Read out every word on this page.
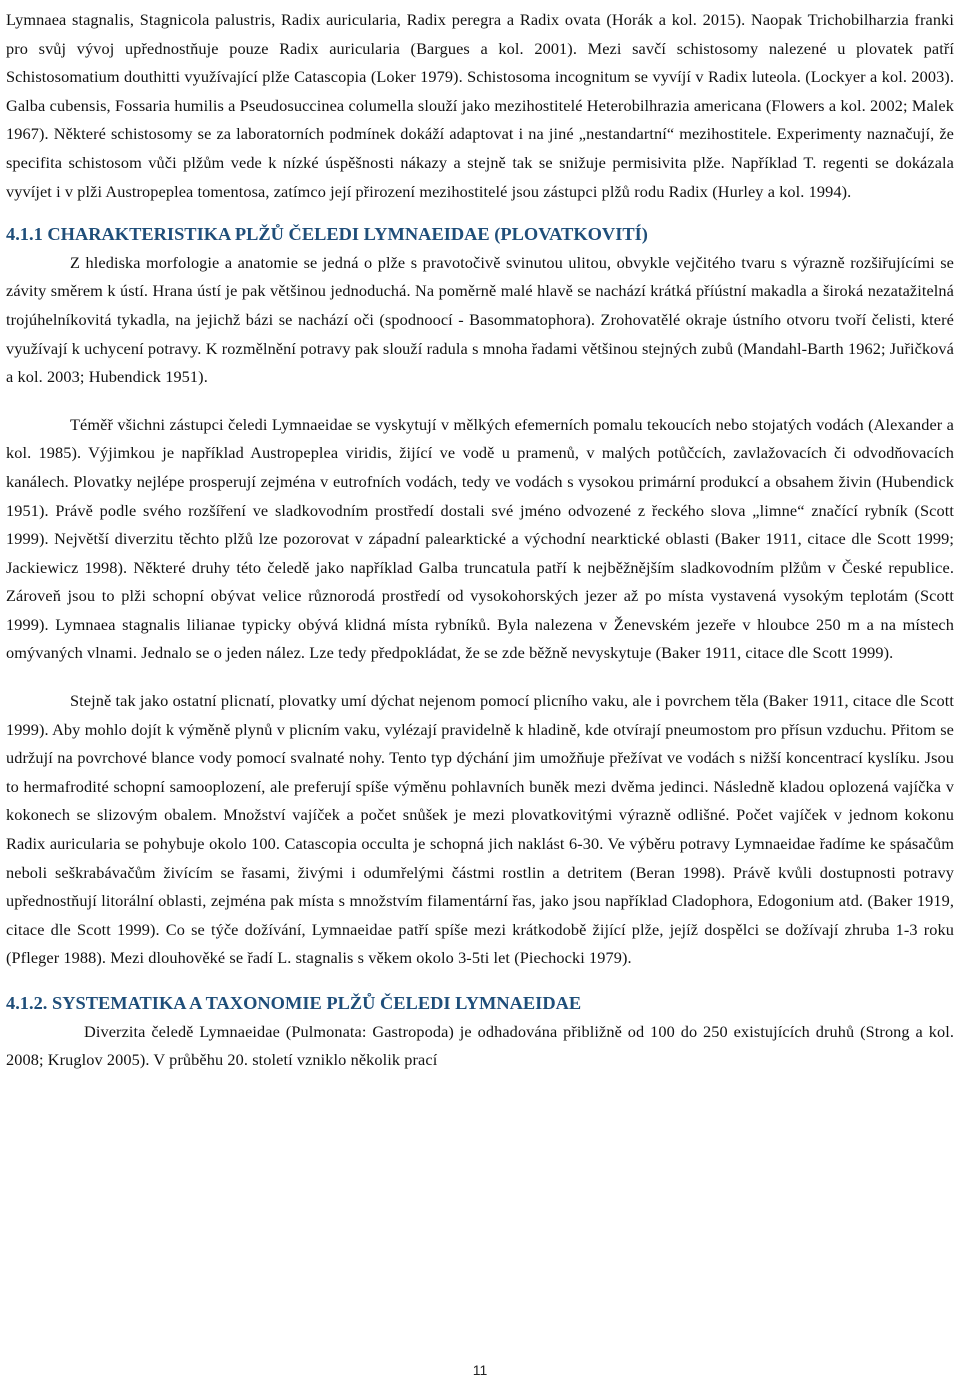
Lymnaea stagnalis, Stagnicola palustris, Radix auricularia, Radix peregra a Radix ovata (Horák a kol. 2015). Naopak Trichobilharzia franki pro svůj vývoj upřednostňuje pouze Radix auricularia (Bargues a kol. 2001). Mezi savčí schistosomy nalezené u plovatek patří Schistosomatium douthitti využívající plže Catascopia (Loker 1979). Schistosoma incognitum se vyvíjí v Radix luteola. (Lockyer a kol. 2003). Galba cubensis, Fossaria humilis a Pseudosuccinea columella slouží jako mezihostitelé Heterobilhrazia americana (Flowers a kol. 2002; Malek 1967). Některé schistosomy se za laboratorních podmínek dokáží adaptovat i na jiné „nestandartní“ mezihostitele. Experimenty naznačují, že specifita schistosom vůči plžům vede k nízké úspěšnosti nákazy a stejně tak se snižuje permisivita plže. Například T. regenti se dokázala vyvíjet i v plži Austropeplea tomentosa, zatímco její přirození mezihostitelé jsou zástupci plžů rodu Radix (Hurley a kol. 1994).

4.1.1 CHARAKTERISTIKA PLŽŮ ČELEDI LYMNAEIDAE (PLOVATKOVITÍ)

Z hlediska morfologie a anatomie se jedná o plže s pravotočivě svinutou ulitou, obvykle vejčitého tvaru s výrazně rozšiřujícími se závity směrem k ústí. Hrana ústí je pak většinou jednoduchá. Na poměrně malé hlavě se nachází krátká příústní makadla a široká nezatažitelná trojúhelníkovitá tykadla, na jejichž bázi se nachází oči (spodnoocí - Basommatophora). Zrohovatělé okraje ústního otvoru tvoří čelisti, které využívají k uchycení potravy. K rozmělnění potravy pak slouží radula s mnoha řadami většinou stejných zubů (Mandahl-Barth 1962; Juřičková a kol. 2003; Hubendick 1951).

Téměř všichni zástupci čeledi Lymnaeidae se vyskytují v mělkých efemerních pomalu tekoucích nebo stojatých vodách (Alexander a kol. 1985). Výjimkou je například Austropeplea viridis, žijící ve vodě u pramenů, v malých potůčcích, zavlažovacích či odvodňovacích kanálech. Plovatky nejlépe prosperují zejména v eutrofních vodách, tedy ve vodách s vysokou primární produkcí a obsahem živin (Hubendick 1951). Právě podle svého rozšíření ve sladkovodním prostředí dostali své jméno odvozené z řeckého slova „limne“ značící rybník (Scott 1999). Největší diverzitu těchto plžů lze pozorovat v západní palearktické a východní nearktické oblasti (Baker 1911, citace dle Scott 1999; Jackiewicz 1998). Některé druhy této čeledě jako například Galba truncatula patří k nejběžnějším sladkovodním plžům v České republice. Zároveň jsou to plži schopní obývat velice různorodá prostředí od vysokohorských jezer až po místa vystavená vysokým teplotám (Scott 1999). Lymnaea stagnalis lilianae typicky obývá klidná místa rybníků. Byla nalezena v Ženevském jezeře v hloubce 250 m a na místech omývaných vlnami. Jednalo se o jeden nález. Lze tedy předpokládat, že se zde běžně nevyskytuje (Baker 1911, citace dle Scott 1999).

Stejně tak jako ostatní plicnatí, plovatky umí dýchat nejenom pomocí plicního vaku, ale i povrchem těla (Baker 1911, citace dle Scott 1999). Aby mohlo dojít k výměně plynů v plicním vaku, vylézají pravidelně k hladině, kde otvírají pneumostom pro přísun vzduchu. Přitom se udržují na povrchové blance vody pomocí svalnaté nohy. Tento typ dýchání jim umožňuje přežívat ve vodách s nižší koncentrací kyslíku. Jsou to hermafrodité schopní samooplození, ale preferují spíše výměnu pohlavních buněk mezi dvěma jedinci. Následně kladou oplozená vajíčka v kokonech se slizovým obalem. Množství vajíček a počet snůšek je mezi plovatkovitými výrazně odlišné. Počet vajíček v jednom kokonu Radix auricularia se pohybuje okolo 100. Catascopia occulta je schopná jich naklást 6-30. Ve výběru potravy Lymnaeidae řadíme ke spásačům neboli seškrabávačům živícím se řasami, živými i odumřelými částmi rostlin a detritem (Beran 1998). Právě kvůli dostupnosti potravy upřednostňují litorální oblasti, zejména pak místa s množstvím filamentární řas, jako jsou například Cladophora, Edogonium atd. (Baker 1919, citace dle Scott 1999). Co se týče dožívání, Lymnaeidae patří spíše mezi krátkodobě žijící plže, jejíž dospělci se dožívají zhruba 1-3 roku (Pfleger 1988). Mezi dlouhověké se řadí L. stagnalis s věkem okolo 3-5ti let (Piechocki 1979).

4.1.2. SYSTEMATIKA A TAXONOMIE PLŽŮ ČELEDI LYMNAEIDAE

Diverzita čeledě Lymnaeidae (Pulmonata: Gastropoda) je odhadována přibližně od 100 do 250 existujících druhů (Strong a kol. 2008; Kruglov 2005). V průběhu 20. století vzniklo několik prací

11
